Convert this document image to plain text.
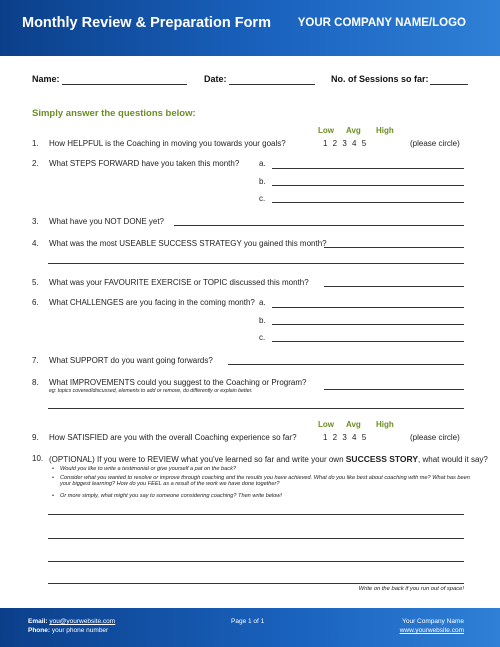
Monthly Review & Preparation Form YOUR COMPANY NAME/LOGO
Name:	Date:	No. of Sessions so far:
Simply answer the questions below:
Low Avg High
1. How HELPFUL is the Coaching in moving you towards your goals?	1 2 3 4 5	(please circle)
2. What STEPS FORWARD have you taken this month? a.
b.
c.
3. What have you NOT DONE yet?
4. What was the most USEABLE SUCCESS STRATEGY you gained this month?
5. What was your FAVOURITE EXERCISE or TOPIC discussed this month?
6. What CHALLENGES are you facing in the coming month? a.
b.
c.
7. What SUPPORT do you want going forwards?
8. What IMPROVEMENTS could you suggest to the Coaching or Program?
eg: topics covered/discussed, elements to add or remove, do differently or explain better.
Low Avg High
9. How SATISFIED are you with the overall Coaching experience so far?	1 2 3 4 5	(please circle)
10. (OPTIONAL) If you were to REVIEW what you've learned so far and write your own SUCCESS STORY, what would it say?
• Would you like to write a testimonial or give yourself a pat on the back?
• Consider what you wanted to resolve or improve through coaching and the results you have achieved. What do you like best about coaching with me? What has been your biggest learning? How do you FEEL as a result of the work we have done together?
• Or more simply, what might you say to someone considering coaching? Then write below!
Write on the back if you run out of space!
Email: you@yourwebsite.com
Phone: your phone number
Page 1 of 1	Your Company Name
www.yourwebsite.com
